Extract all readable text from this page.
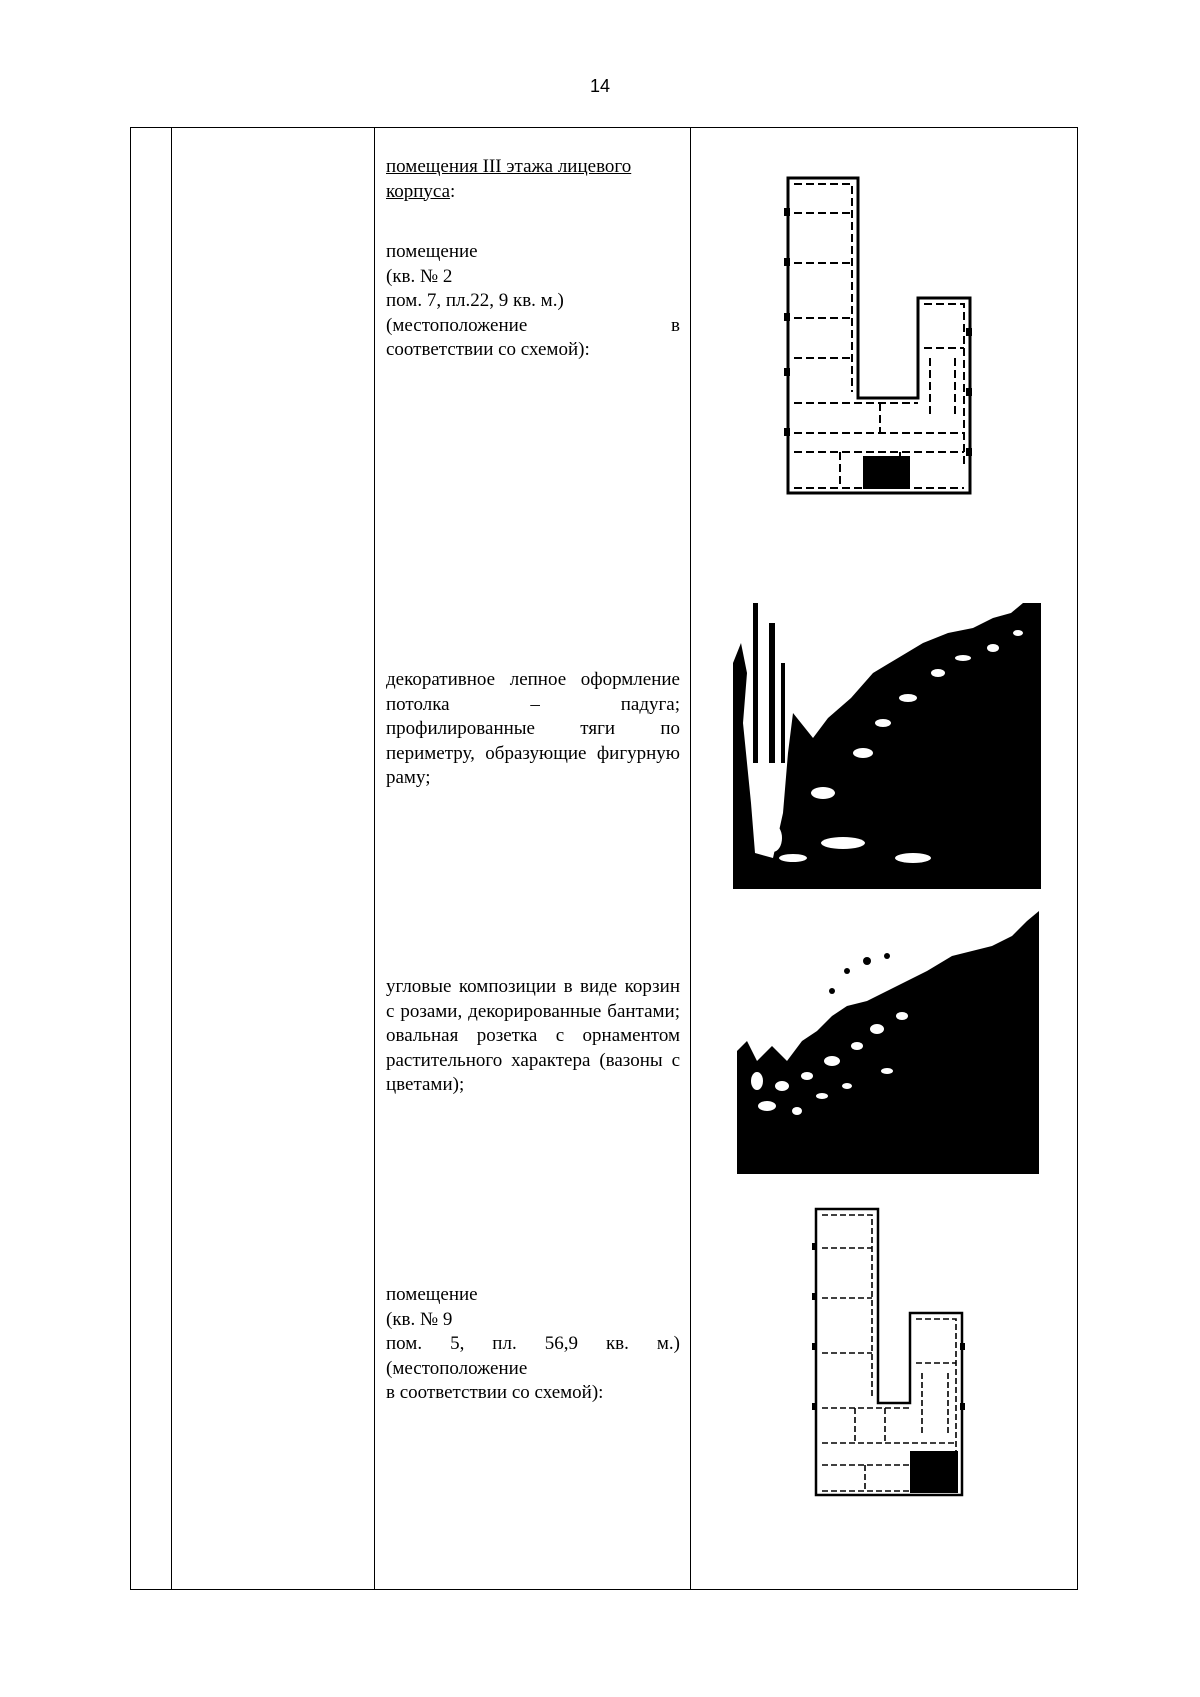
14
помещения III этажа лицевого корпуса:
помещение
(кв. № 2
пом. 7, пл.22, 9 кв. м.)
(местоположение в
соответствии со схемой):
декоративное лепное оформление потолка – падуга; профилированные тяги по периметру, образующие фигурную раму;
угловые композиции в виде корзин с розами, декорированные бантами; овальная розетка с орнаментом растительного характера (вазоны с цветами);
помещение
(кв. № 9
пом. 5, пл. 56,9 кв. м.)
(местоположение
в соответствии со схемой):
